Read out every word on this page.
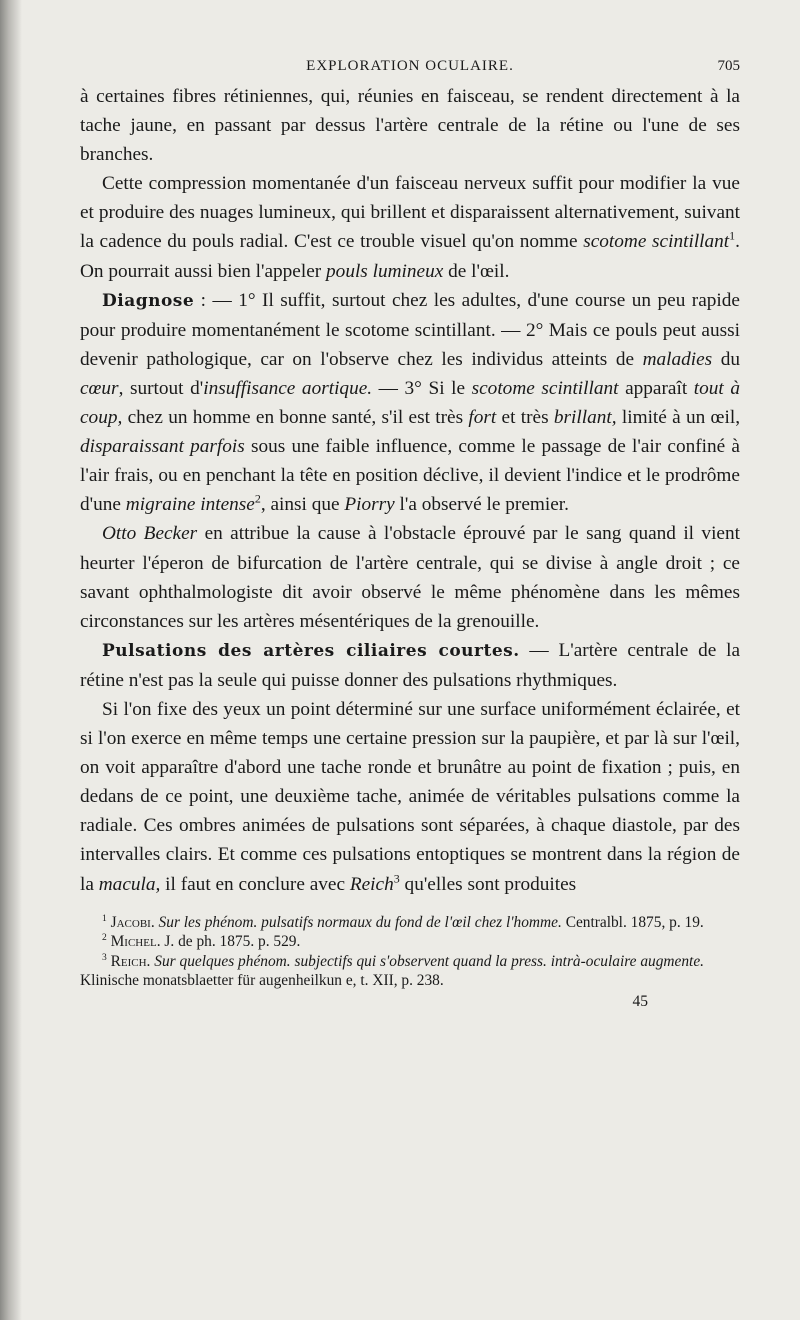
EXPLORATION OCULAIRE.	705

à certaines fibres rétiniennes, qui, réunies en faisceau, se rendent directement à la tache jaune, en passant par dessus l'artère centrale de la rétine ou l'une de ses branches.

Cette compression momentanée d'un faisceau nerveux suffit pour modifier la vue et produire des nuages lumineux, qui brillent et disparaissent alternativement, suivant la cadence du pouls radial. C'est ce trouble visuel qu'on nomme scotome scintillant$^1$. On pourrait aussi bien l'appeler pouls lumineux de l'œil.

Diagnose : — 1° Il suffit, surtout chez les adultes, d'une course un peu rapide pour produire momentanément le scotome scintillant. — 2° Mais ce pouls peut aussi devenir pathologique, car on l'observe chez les individus atteints de maladies du cœur, surtout d'insuffisance aortique. — 3° Si le scotome scintillant apparaît tout à coup, chez un homme en bonne santé, s'il est très fort et très brillant, limité à un œil, disparaissant parfois sous une faible influence, comme le passage de l'air confiné à l'air frais, ou en penchant la tête en position déclive, il devient l'indice et le prodrôme d'une migraine intense$^2$, ainsi que Piorry l'a observé le premier.

Otto Becker en attribue la cause à l'obstacle éprouvé par le sang quand il vient heurter l'éperon de bifurcation de l'artère centrale, qui se divise à angle droit ; ce savant ophthalmologiste dit avoir observé le même phénomène dans les mêmes circonstances sur les artères mésentériques de la grenouille.

Pulsations des artères ciliaires courtes. — L'artère centrale de la rétine n'est pas la seule qui puisse donner des pulsations rhythmiques.

Si l'on fixe des yeux un point déterminé sur une surface uniformément éclairée, et si l'on exerce en même temps une certaine pression sur la paupière, et par là sur l'œil, on voit apparaître d'abord une tache ronde et brunâtre au point de fixation ; puis, en dedans de ce point, une deuxième tache, animée de véritables pulsations comme la radiale. Ces ombres animées de pulsations sont séparées, à chaque diastole, par des intervalles clairs. Et comme ces pulsations entoptiques se montrent dans la région de la macula, il faut en conclure avec Reich$^3$ qu'elles sont produites

$^1$ Jacobi. Sur les phénom. pulsatifs normaux du fond de l'œil chez l'homme. Centralbl. 1875, p. 19.

$^2$ Michel. J. de ph. 1875. p. 529.

$^3$ Reich. Sur quelques phénom. subjectifs qui s'observent quand la press. intrà-oculaire augmente. Klinische monatsblaetter für augenheilkun e, t. XII, p. 238.

45
